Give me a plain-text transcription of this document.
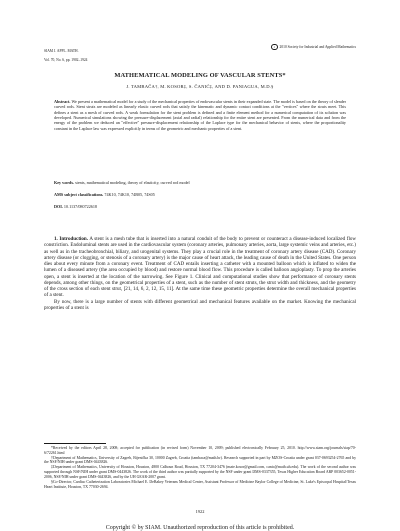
SIAM J. APPL. MATH.

Vol. 70, No. 6, pp. 1902–1924

c	2010 Society for Industrial and Applied Mathematics
MATHEMATICAL MODELING OF VASCULAR STENTS*
J. TAMBAČA†, M. KOSOR‡, S. ČANIĆ‡, AND D. PANIAGUA, M.D.§
Abstract. We present a mathematical model for a study of the mechanical properties of endovascular stents in their expanded state. The model is based on the theory of slender curved rods. Stent struts are modeled as linearly elastic curved rods that satisfy the kinematic and dynamic contact conditions at the "vertices" where the struts meet. This defines a stent as a mesh of curved rods. A weak formulation for the stent problem is defined and a finite element method for a numerical computation of its solution was developed. Numerical simulations showing the pressure-displacement (axial and radial) relationship for the entire stent are presented. From the numerical data and from the energy of the problem we deduced an "effective" pressure-displacement relationship of the Laplace type for the mechanical behavior of stents, where the proportionality constant in the Laplace law was expressed explicitly in terms of the geometric and mechanic properties of a stent.
Key words. stents, mathematical modeling, theory of elasticity, curved rod model
AMS subject classifications. 74K10, 74K10, 74B05, 74S05
DOI. 10.1137/080722618

1. Introduction. A stent is a mesh tube that is inserted into a natural conduit of the body to prevent or counteract a disease-induced localized flow constriction. Endoluminal stents are used in the cardiovascular system (coronary arteries, pulmonary arteries, aorta, large systemic veins and arteries, etc.) as well as in the tracheobronchial, biliary, and urogenital systems. They play a crucial role in the treatment of coronary artery disease (CAD). Coronary artery disease (or clogging, or stenosis of a coronary artery) is the major cause of heart attack, the leading cause of death in the United States. One person dies about every minute from a coronary event. Treatment of CAD entails inserting a catheter with a mounted balloon which is inflated to widen the lumen of a diseased artery (the area occupied by blood) and restore normal blood flow. This procedure is called balloon angioplasty. To prop the arteries open, a stent is inserted at the location of the narrowing. See Figure 1. Clinical and computational studies show that performance of coronary stents depends, among other things, on the geometrical properties of a stent, such as the number of stent struts, the strut width and thickness, and the geometry of the cross section of each stent strut, [21, 14, 6, 2, 12, 15, 11]. At the same time these geometric properties determine the overall mechanical properties of a stent.

By now, there is a large number of stents with different geometrical and mechanical features available on the market. Knowing the mechanical properties of a stent is

*Received by the editors April 28, 2008; accepted for publication (in revised form) November 10, 2009; published electronically February 25, 2010. http://www.siam.org/journals/siap/70-6/72261.html

†Department of Mathematics, University of Zagreb, Bijenička 30, 10000 Zagreb, Croatia (tambaca@math.hr). Research supported in part by MZOS-Croatia under grant 037-0693254-2765 and by the NSF/NIH under grant DMS-0443826.

‡Department of Mathematics, University of Houston, Houston, 4800 Calhoun Road, Houston, TX 77204-3476 (mate.kosor@gmail.com, canic@math.uh.edu). The work of the second author was supported through NSF/NIH under grant DMS-0443826. The work of the third author was partially supported by the NSF under grant DMS-0337355, Texas Higher Education Board ARP 003652-0051-2006, NSF/NIH under grant DMS-0443826, and by the UH GEAR-2007 grant.

§Co-Director, Cardiac Catheterization Laboratories Michael E. DeBakey Veterans Medical Center, Assistant Professor of Medicine Baylor College of Medicine, St. Luke's Episcopal Hospital/Texas Heart Institute, Houston, TX 77030-2694.

1922
Copyright © by SIAM. Unauthorized reproduction of this article is prohibited.
